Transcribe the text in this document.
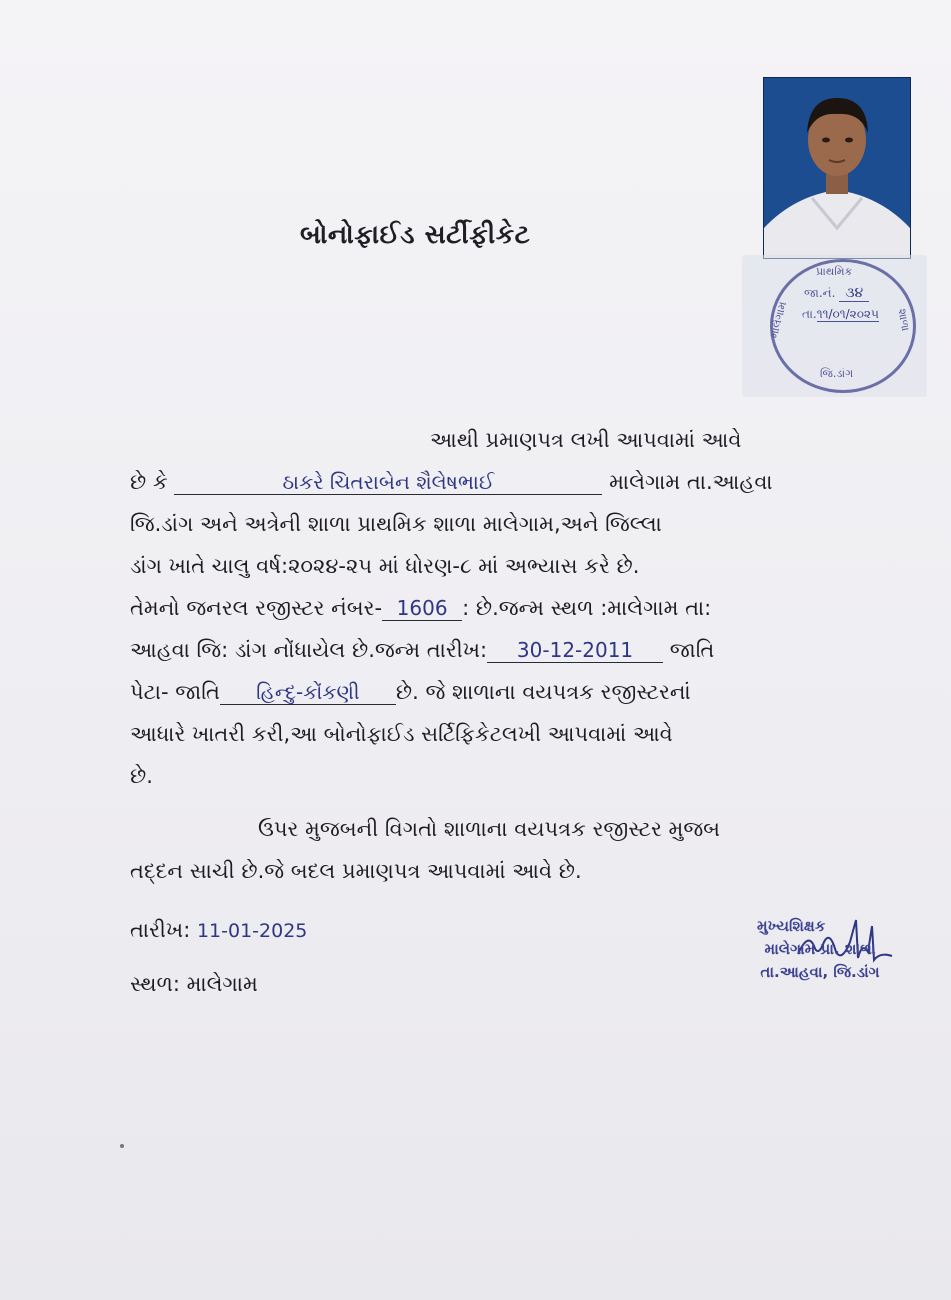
બોનોફાઈડ સર્ટીફીકેટ
પ્રાથમિક
માલેગામ	શાળા
જિ.ડાંગ
જા.નં. ૩૪
તા.૧૧/૦૧/૨૦૨૫
આથી પ્રમાણપત્ર લખી આપવામાં આવે
છે કે	ઠાકરે ચિતરાબેન શૈલેષભાઈ	માલેગામ તા.આહવા
જિ.ડાંગ અને અત્રેની શાળા પ્રાથમિક શાળા માલેગામ,અને જિલ્લા
ડાંગ ખાતે ચાલુ વર્ષ:૨૦૨૪-૨૫ માં ધોરણ-૮ માં અભ્યાસ કરે છે.
તેમનો જનરલ રજીસ્ટર નંબર- 1606 : છે.જન્મ સ્થળ :માલેગામ તા:
આહવા જિ: ડાંગ નોંધાયેલ છે.જન્મ તારીખ: 30-12-2011 જાતિ
પેટા- જાતિ હિન્દુ-કોંકણી છે. જે શાળાના વયપત્રક રજીસ્ટરનાં
આધારે ખાતરી કરી,આ બોનોફાઈડ સર્ટિફિકેટલખી આપવામાં આવે
છે.
ઉપર મુજબની વિગતો શાળાના વયપત્રક રજીસ્ટર મુજબ
તદ્દન સાચી છે.જે બદલ પ્રમાણપત્ર આપવામાં આવે છે.
તારીખ: 11-01-2025
સ્થળ: માલેગામ
મુખ્યશિક્ષક
માલેગામ પ્રા. શાળા
તા.આહવા, જિ.ડાંગ
